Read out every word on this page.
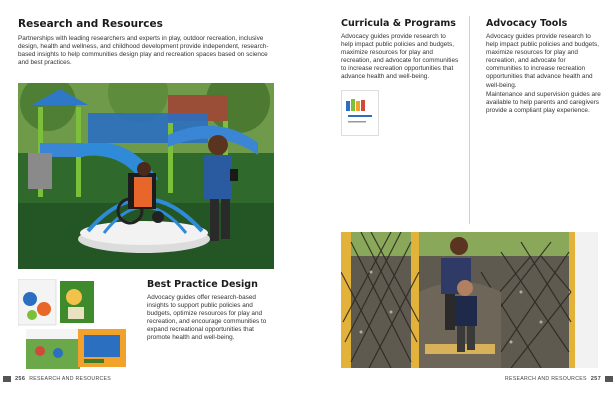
Research and Resources

Partnerships with leading researchers and experts in play, outdoor recreation, inclusive design, health and wellness, and childhood development provide independent, research-based insights to help communities design play and recreation spaces based on science and best practices.

Best Practice Design

Advocacy guides offer research-based insights to support public policies and budgets, optimize resources for play and recreation, and encourage communities to expand recreational opportunities that promote health and well-being.

256 RESEARCH AND RESOURCES
Curricula & Programs

Advocacy guides provide research to help impact public policies and budgets, maximize resources for play and recreation, and advocate for communities to increase recreation opportunities that advance health and well-being.

Advocacy Tools

Advocacy guides provide research to help impact public policies and budgets, maximize resources for play and recreation, and advocate for communities to increase recreation opportunities that advance health and well-being.

Maintenance and supervision guides are available to help parents and caregivers provide a compliant play experience.

RESEARCH AND RESOURCES 257
